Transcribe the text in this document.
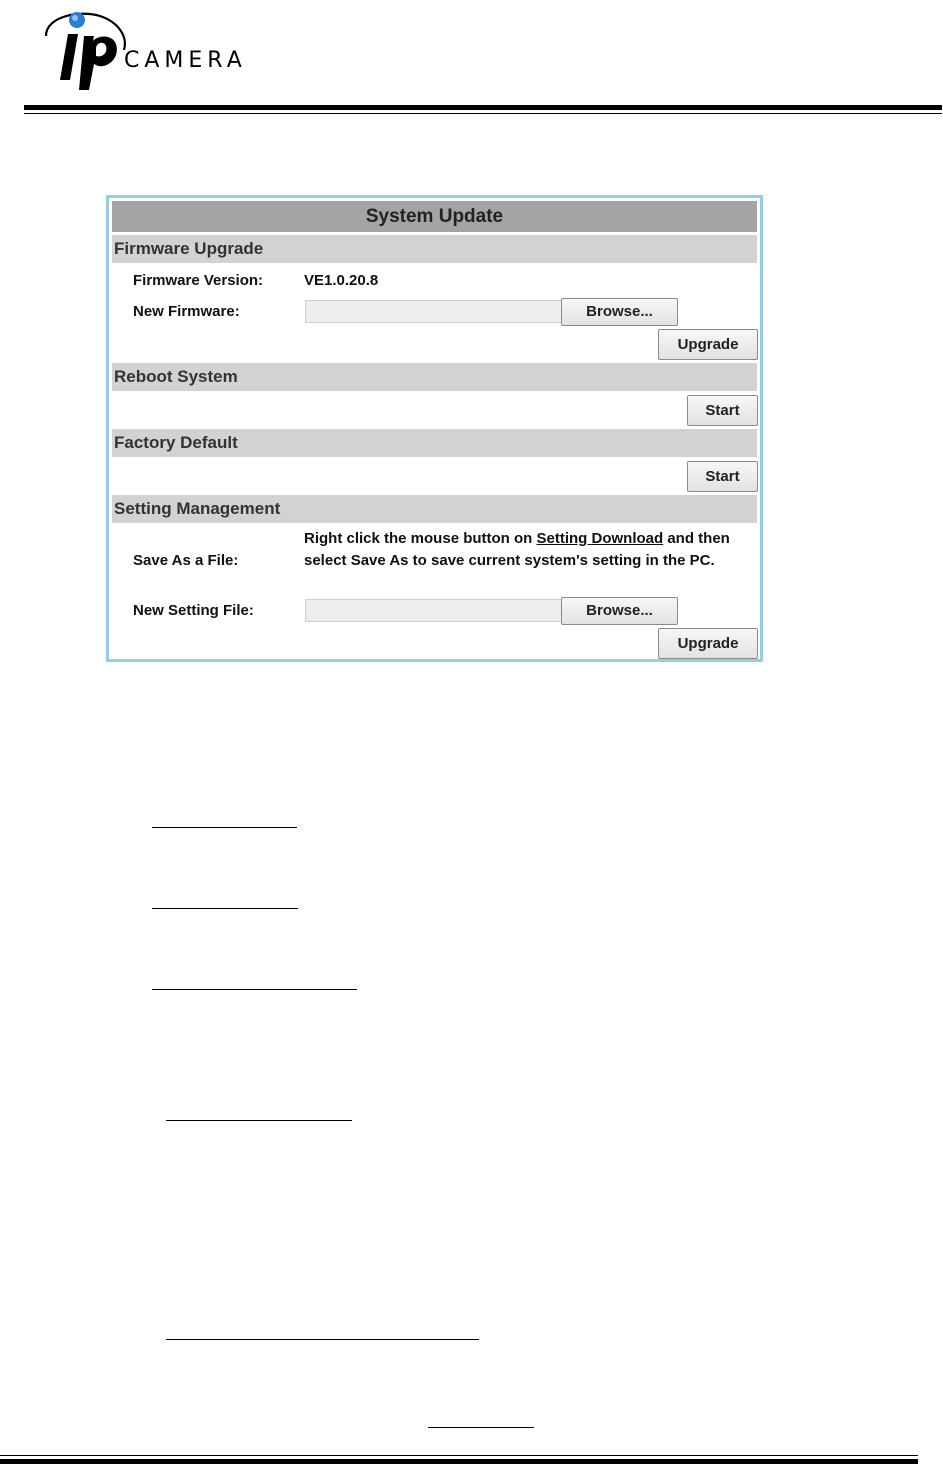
CAMERA
System Update
Firmware Upgrade
Firmware Version:	VE1.0.20.8
New Firmware:	Browse...
Upgrade
Reboot System
Start
Factory Default
Start
Setting Management
Save As a File:
Right click the mouse button on Setting Download and then select Save As to save current system's setting in the PC.
New Setting File:	Browse...
Upgrade
